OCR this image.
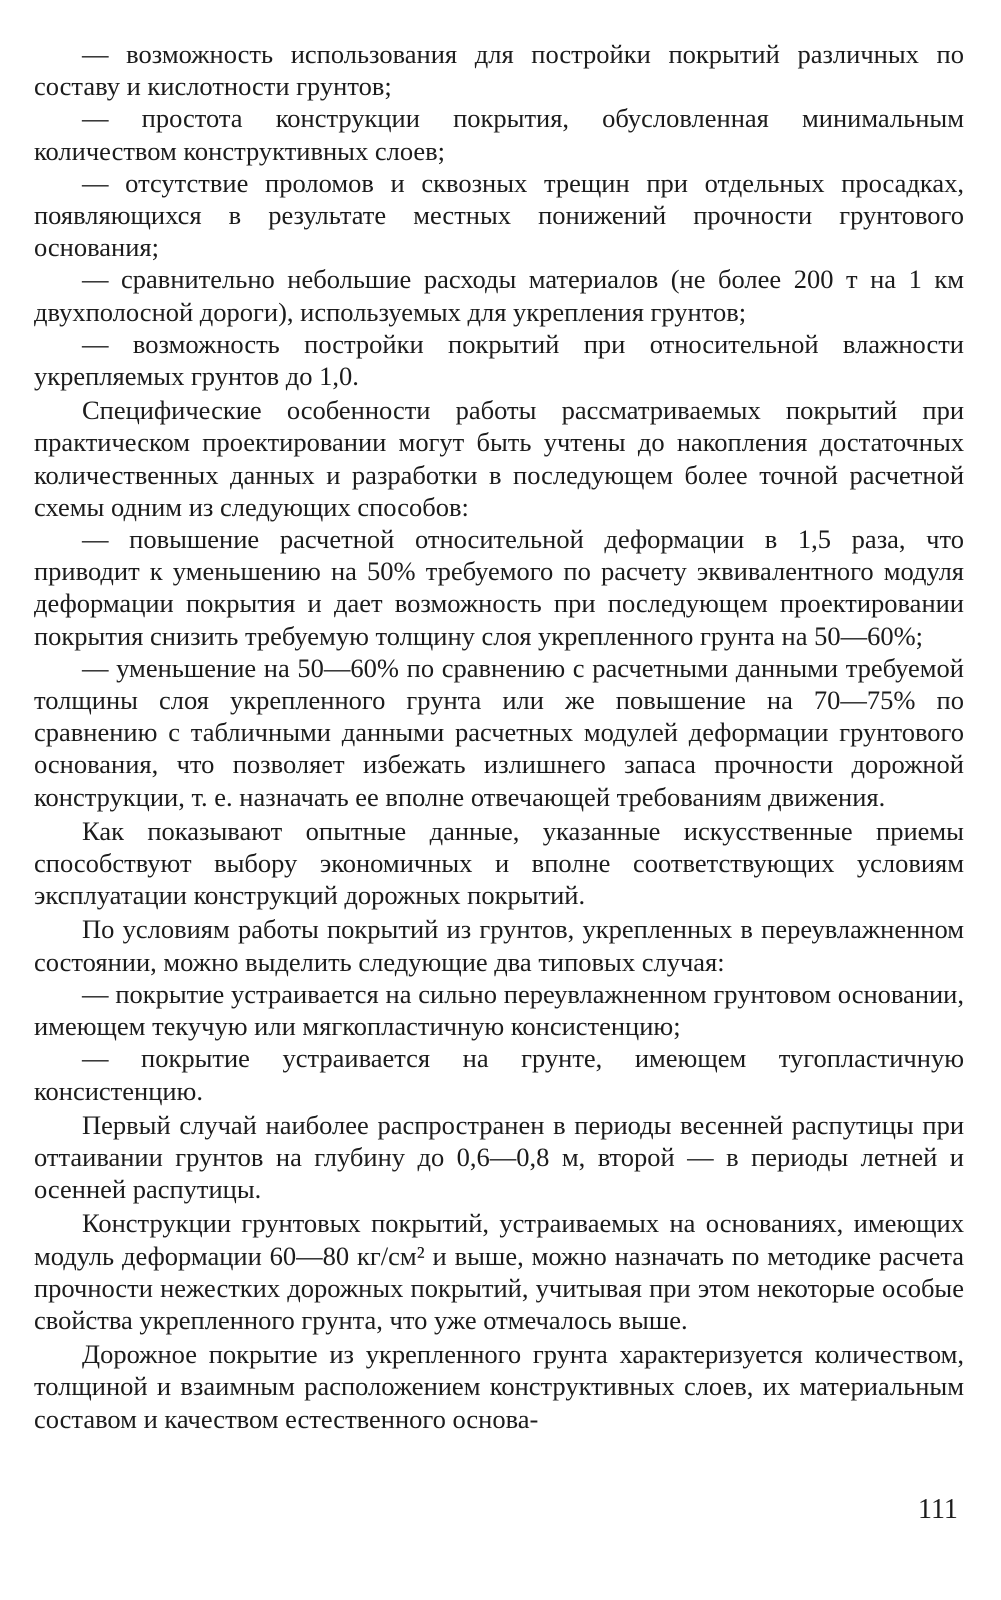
— возможность использования для постройки покрытий различных по составу и кислотности грунтов;

— простота конструкции покрытия, обусловленная минимальным количеством конструктивных слоев;

— отсутствие проломов и сквозных трещин при отдельных просадках, появляющихся в результате местных понижений прочности грунтового основания;

— сравнительно небольшие расходы материалов (не более 200 т на 1 км двухполосной дороги), используемых для укрепления грунтов;

— возможность постройки покрытий при относительной влажности укрепляемых грунтов до 1,0.

Специфические особенности работы рассматриваемых покрытий при практическом проектировании могут быть учтены до накопления достаточных количественных данных и разработки в последующем более точной расчетной схемы одним из следующих способов:

— повышение расчетной относительной деформации в 1,5 раза, что приводит к уменьшению на 50% требуемого по расчету эквивалентного модуля деформации покрытия и дает возможность при последующем проектировании покрытия снизить требуемую толщину слоя укрепленного грунта на 50—60%;

— уменьшение на 50—60% по сравнению с расчетными данными требуемой толщины слоя укрепленного грунта или же повышение на 70—75% по сравнению с табличными данными расчетных модулей деформации грунтового основания, что позволяет избежать излишнего запаса прочности дорожной конструкции, т. е. назначать ее вполне отвечающей требованиям движения.

Как показывают опытные данные, указанные искусственные приемы способствуют выбору экономичных и вполне соответствующих условиям эксплуатации конструкций дорожных покрытий.

По условиям работы покрытий из грунтов, укрепленных в переувлажненном состоянии, можно выделить следующие два типовых случая:

— покрытие устраивается на сильно переувлажненном грунтовом основании, имеющем текучую или мягкопластичную консистенцию;

— покрытие устраивается на грунте, имеющем тугопластичную консистенцию.

Первый случай наиболее распространен в периоды весенней распутицы при оттаивании грунтов на глубину до 0,6—0,8 м, второй — в периоды летней и осенней распутицы.

Конструкции грунтовых покрытий, устраиваемых на основаниях, имеющих модуль деформации 60—80 кг/см² и выше, можно назначать по методике расчета прочности нежестких дорожных покрытий, учитывая при этом некоторые особые свойства укрепленного грунта, что уже отмечалось выше.

Дорожное покрытие из укрепленного грунта характеризуется количеством, толщиной и взаимным расположением конструктивных слоев, их материальным составом и качеством естественного основа-

111
